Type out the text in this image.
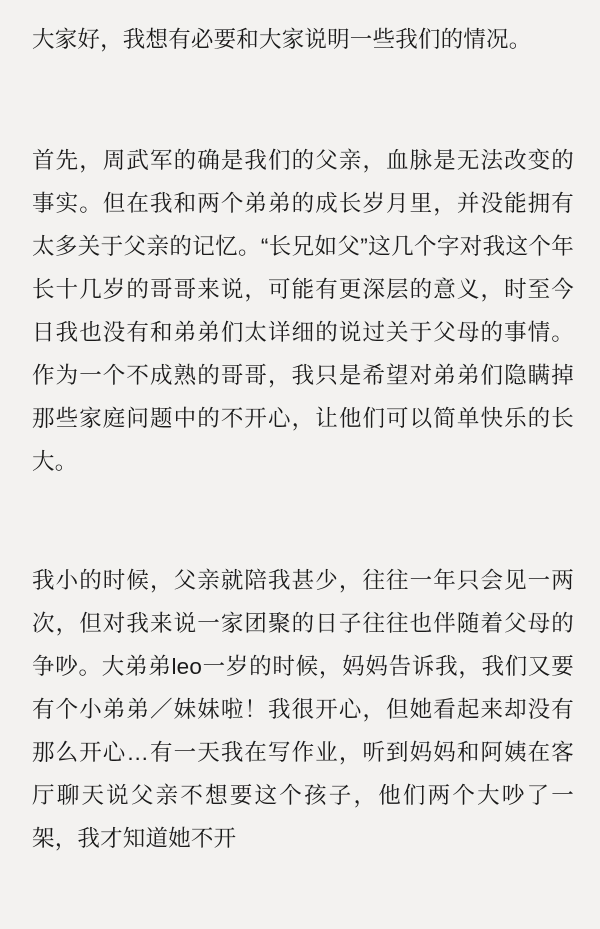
大家好，我想有必要和大家说明一些我们的情况。

首先，周武军的确是我们的父亲，血脉是无法改变的事实。但在我和两个弟弟的成长岁月里，并没能拥有太多关于父亲的记忆。“长兄如父”这几个字对我这个年长十几岁的哥哥来说，可能有更深层的意义，时至今日我也没有和弟弟们太详细的说过关于父母的事情。作为一个不成熟的哥哥，我只是希望对弟弟们隐瞒掉那些家庭问题中的不开心，让他们可以简单快乐的长大。

我小的时候，父亲就陪我甚少，往往一年只会见一两次，但对我来说一家团聚的日子往往也伴随着父母的争吵。大弟弟leo一岁的时候，妈妈告诉我，我们又要有个小弟弟／妹妹啦！我很开心，但她看起来却没有那么开心…有一天我在写作业，听到妈妈和阿姨在客厅聊天说父亲不想要这个孩子，他们两个大吵了一架，我才知道她不开
